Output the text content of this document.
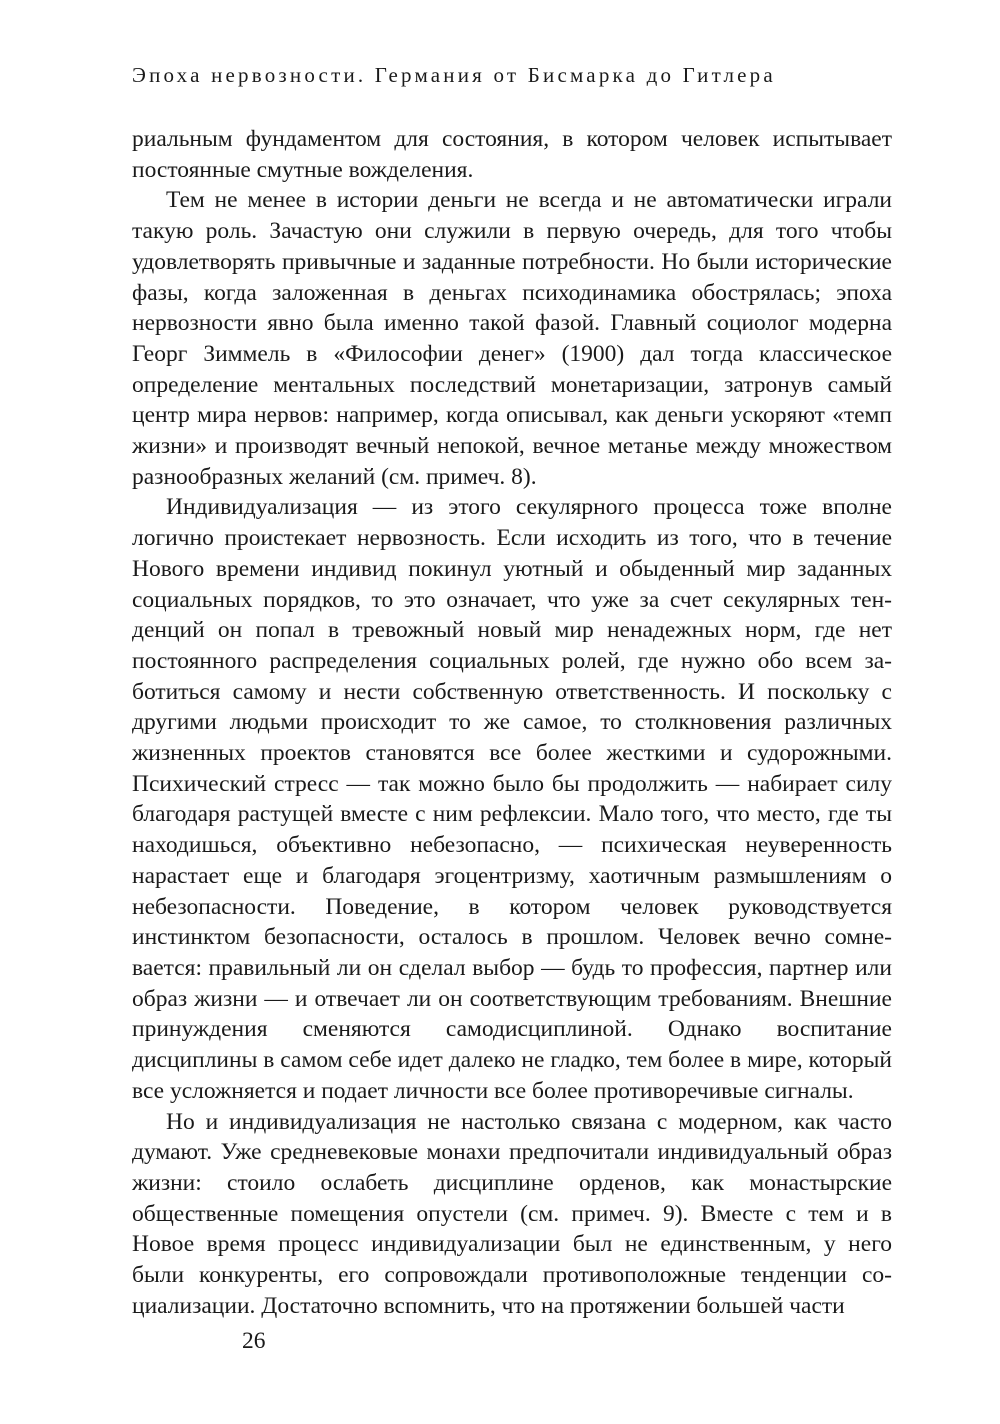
Эпоха нервозности. Германия от Бисмарка до Гитлера

риальным фундаментом для состояния, в котором человек испытывает постоянные смутные вожделения.

Тем не менее в истории деньги не всегда и не автоматически играли такую роль. Зачастую они служили в первую очередь, для того чтобы удовлетворять привычные и заданные потребности. Но были исторические фазы, когда заложенная в деньгах психодинамика обострялась; эпоха нервозности явно была именно такой фазой. Главный социолог модерна Георг Зиммель в «Философии денег» (1900) дал тогда классическое определение ментальных последствий монетаризации, затронув самый центр мира нервов: например, когда описывал, как деньги ускоряют «темп жизни» и производят вечный непокой, вечное метанье между множеством разнообразных желаний (см. примеч. 8).

Индивидуализация — из этого секулярного процесса тоже вполне логично проистекает нервозность. Если исходить из того, что в течение Нового времени индивид покинул уютный и обыденный мир заданных социальных порядков, то это означает, что уже за счет секулярных тенденций он попал в тревожный новый мир ненадежных норм, где нет постоянного распределения социальных ролей, где нужно обо всем заботиться самому и нести собственную ответственность. И поскольку с другими людьми происходит то же самое, то столкновения различных жизненных проектов становятся все более жесткими и судорожными. Психический стресс — так можно было бы продолжить — набирает силу благодаря растущей вместе с ним рефлексии. Мало того, что место, где ты находишься, объективно небезопасно, — психическая неуверенность нарастает еще и благодаря эгоцентризму, хаотичным размышлениям о небезопасности. Поведение, в котором человек руководствуется инстинктом безопасности, осталось в прошлом. Человек вечно сомневается: правильный ли он сделал выбор — будь то профессия, партнер или образ жизни — и отвечает ли он соответствующим требованиям. Внешние принуждения сменяются самодисциплиной. Однако воспитание дисциплины в самом себе идет далеко не гладко, тем более в мире, который все усложняется и подает личности все более противоречивые сигналы.

Но и индивидуализация не настолько связана с модерном, как часто думают. Уже средневековые монахи предпочитали индивидуальный образ жизни: стоило ослабеть дисциплине орденов, как монастырские общественные помещения опустели (см. примеч. 9). Вместе с тем и в Новое время процесс индивидуализации был не единственным, у него были конкуренты, его сопровождали противоположные тенденции социализации. Достаточно вспомнить, что на протяжении большей части

26
